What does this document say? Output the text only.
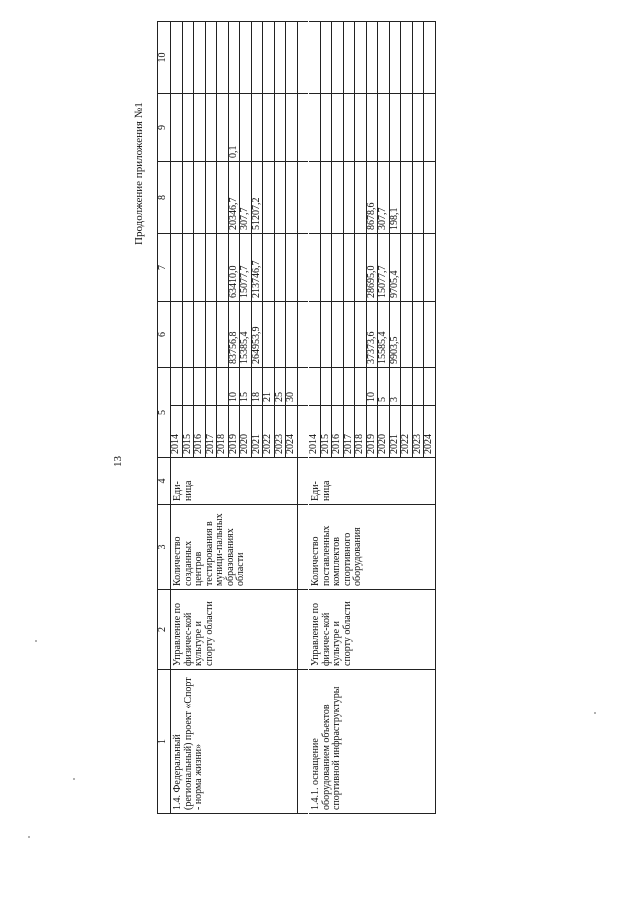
13
Продолжение приложения №1
1	2	3	4	5		6	7	8	9	10
1.4. Федеральный (региональный) проект «Спорт - норма жизни»	Управление по физичес-кой культуре и спорту области	Количество созданных центров тестирования в муници-пальных образованиях области	Еди-ница	2014						
				2015						
				2016						
				2017						
				2018						
				2019	10	83756,8	63410,0	20346,7	0,1	
				2020	15	15385,4	15077,7	307,7		
				2021	18	264953,9	213746,7	51207,2		
				2022	21					
				2023	25					
				2024	30					

1.4.1. оснащение оборудованием объектов спортивной инфраструктуры	Управление по физичес-кой культуре и спорту области	Количество поставленных комплектов спортивного оборудования	Еди-ница	2014						
				2015						
				2016						
				2017						
				2018						
				2019	10	37373,6	28695,0	8678,6		
				2020	5	15585,4	15077,7	307,7		
				2021	3	9903,5	9705,4	198,1		
				2022						
				2023						
				2024						
